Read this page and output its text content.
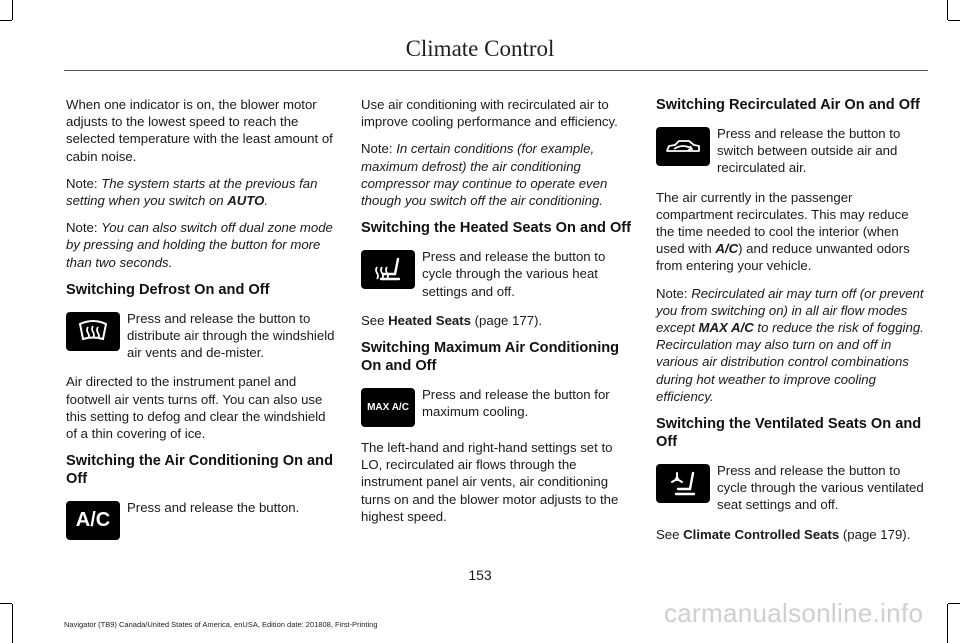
Climate Control

When one indicator is on, the blower motor adjusts to the lowest speed to reach the selected temperature with the least amount of cabin noise.

Note: The system starts at the previous fan setting when you switch on AUTO.

Note: You can also switch off dual zone mode by pressing and holding the button for more than two seconds.

Switching Defrost On and Off
Press and release the button to distribute air through the windshield air vents and de-mister.

Air directed to the instrument panel and footwell air vents turns off. You can also use this setting to defog and clear the windshield of a thin covering of ice.

Switching the Air Conditioning On and Off
A/C
Press and release the button.

Use air conditioning with recirculated air to improve cooling performance and efficiency.

Note: In certain conditions (for example, maximum defrost) the air conditioning compressor may continue to operate even though you switch off the air conditioning.

Switching the Heated Seats On and Off
Press and release the button to cycle through the various heat settings and off.

See Heated Seats (page 177).

Switching Maximum Air Conditioning On and Off
MAX A/C
Press and release the button for maximum cooling.

The left-hand and right-hand settings set to LO, recirculated air flows through the instrument panel air vents, air conditioning turns on and the blower motor adjusts to the highest speed.

Switching Recirculated Air On and Off
Press and release the button to switch between outside air and recirculated air.

The air currently in the passenger compartment recirculates. This may reduce the time needed to cool the interior (when used with A/C) and reduce unwanted odors from entering your vehicle.

Note: Recirculated air may turn off (or prevent you from switching on) in all air flow modes except MAX A/C to reduce the risk of fogging. Recirculation may also turn on and off in various air distribution control combinations during hot weather to improve cooling efficiency.

Switching the Ventilated Seats On and Off
Press and release the button to cycle through the various ventilated seat settings and off.

See Climate Controlled Seats (page 179).

153
Navigator (TB9) Canada/United States of America, enUSA, Edition date: 201808, First-Printing	carmanualsonline.info
